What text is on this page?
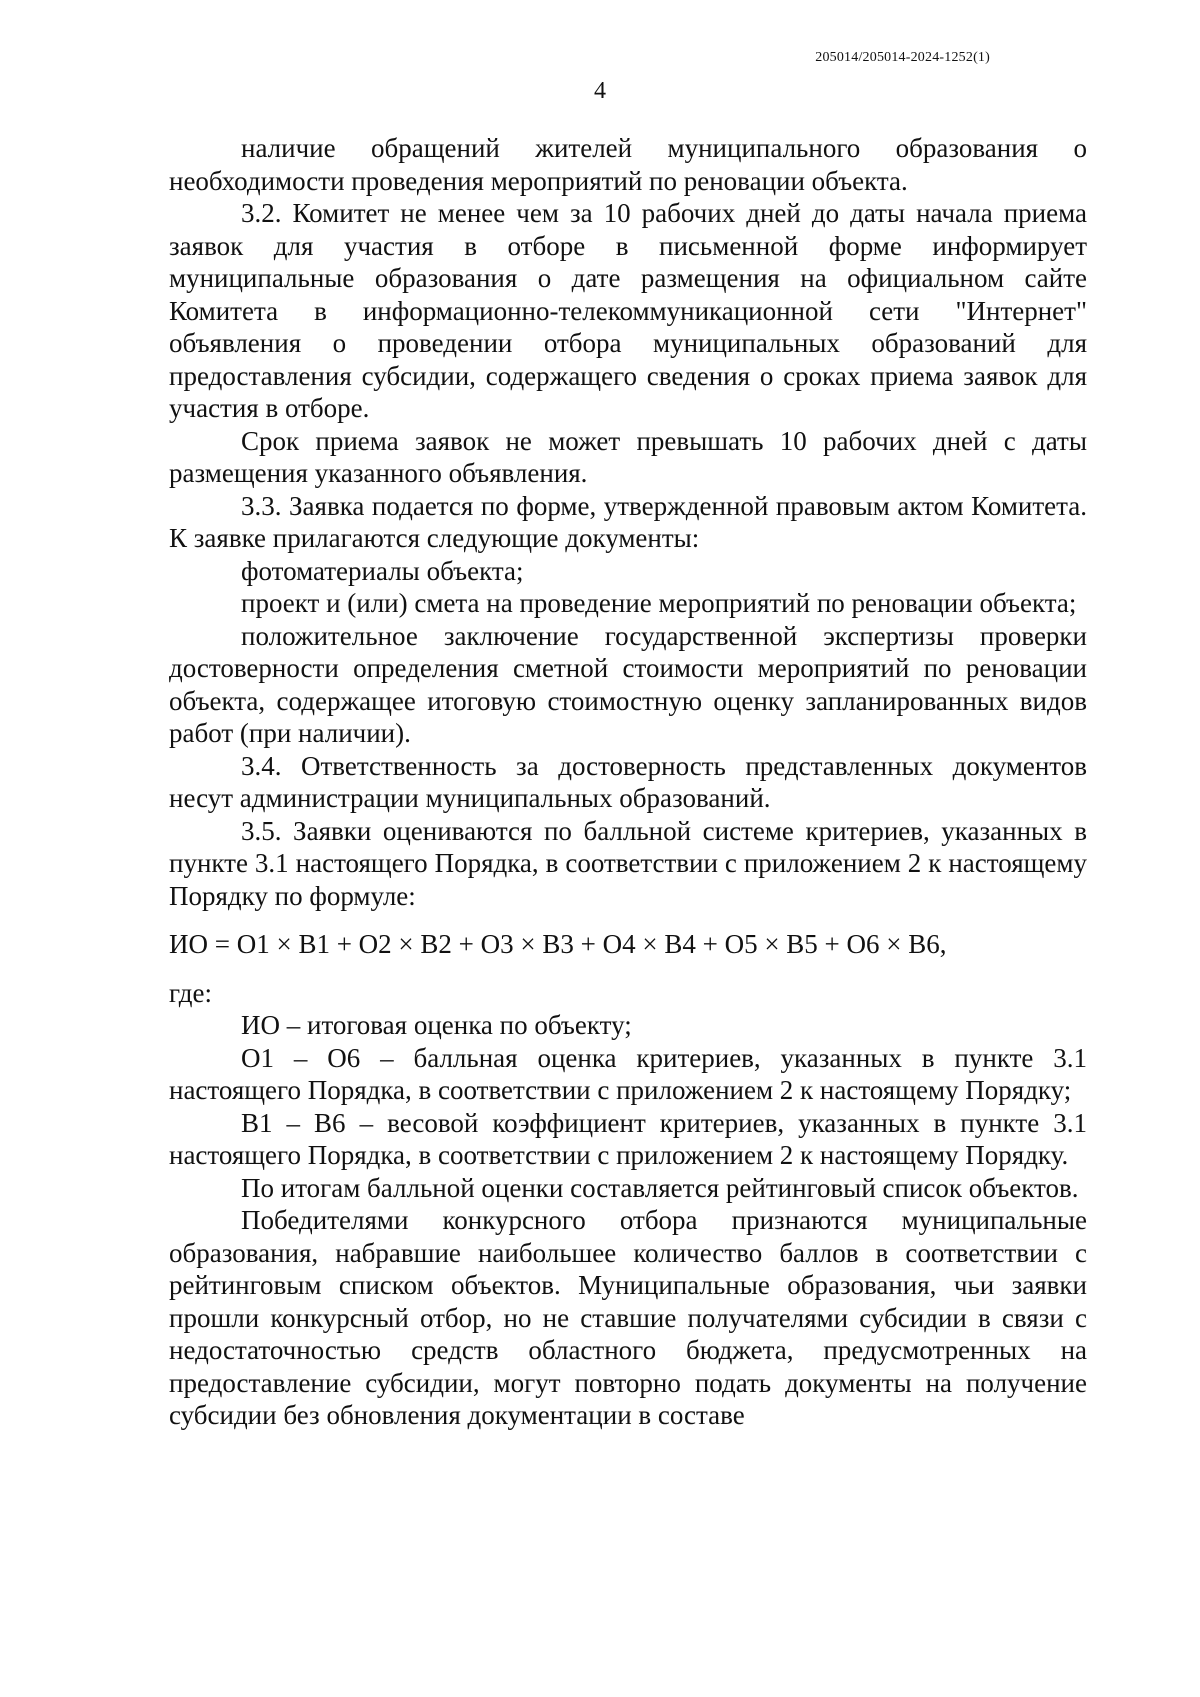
205014/205014-2024-1252(1)
4

наличие обращений жителей муниципального образования о необходимости проведения мероприятий по реновации объекта.

3.2. Комитет не менее чем за 10 рабочих дней до даты начала приема заявок для участия в отборе в письменной форме информирует муниципальные образования о дате размещения на официальном сайте Комитета в информационно-телекоммуникационной сети "Интернет" объявления о проведении отбора муниципальных образований для предоставления субсидии, содержащего сведения о сроках приема заявок для участия в отборе.

Срок приема заявок не может превышать 10 рабочих дней с даты размещения указанного объявления.

3.3. Заявка подается по форме, утвержденной правовым актом Комитета. К заявке прилагаются следующие документы:

фотоматериалы объекта;

проект и (или) смета на проведение мероприятий по реновации объекта;

положительное заключение государственной экспертизы проверки достоверности определения сметной стоимости мероприятий по реновации объекта, содержащее итоговую стоимостную оценку запланированных видов работ (при наличии).

3.4. Ответственность за достоверность представленных документов несут администрации муниципальных образований.

3.5. Заявки оцениваются по балльной системе критериев, указанных в пункте 3.1 настоящего Порядка, в соответствии с приложением 2 к настоящему Порядку по формуле:

ИО = О1 × В1 + О2 × В2 + О3 × В3 + О4 × В4 + О5 × В5 + О6 × В6,

где:

ИО – итоговая оценка по объекту;

О1 – О6 – балльная оценка критериев, указанных в пункте 3.1 настоящего Порядка, в соответствии с приложением 2 к настоящему Порядку;

В1 – В6 – весовой коэффициент критериев, указанных в пункте 3.1 настоящего Порядка, в соответствии с приложением 2 к настоящему Порядку.

По итогам балльной оценки составляется рейтинговый список объектов.

Победителями конкурсного отбора признаются муниципальные образования, набравшие наибольшее количество баллов в соответствии с рейтинговым списком объектов. Муниципальные образования, чьи заявки прошли конкурсный отбор, но не ставшие получателями субсидии в связи с недостаточностью средств областного бюджета, предусмотренных на предоставление субсидии, могут повторно подать документы на получение субсидии без обновления документации в составе
